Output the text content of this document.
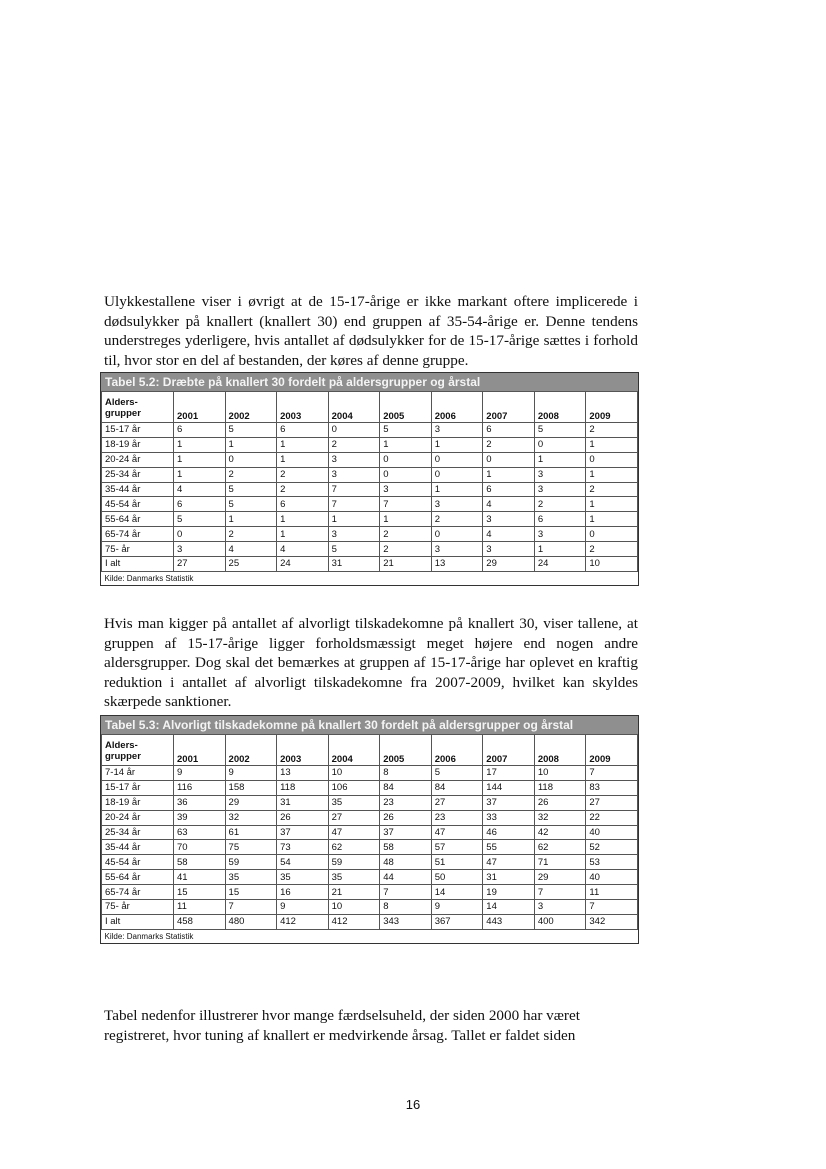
Ulykkestallene viser i øvrigt at de 15-17-årige er ikke markant oftere implicerede i dødsulykker på knallert (knallert 30) end gruppen af 35-54-årige er. Denne tendens understreges yderligere, hvis antallet af dødsulykker for de 15-17-årige sættes i forhold til, hvor stor en del af bestanden, der køres af denne gruppe.

Tabel 5.2: Dræbte på knallert 30 fordelt på aldersgrupper og årstal
Alders-
grupper	2001	2002	2003	2004	2005	2006	2007	2008	2009
15-17 år	6	5	6	0	5	3	6	5	2
18-19 år	1	1	1	2	1	1	2	0	1
20-24 år	1	0	1	3	0	0	0	1	0
25-34 år	1	2	2	3	0	0	1	3	1
35-44 år	4	5	2	7	3	1	6	3	2
45-54 år	6	5	6	7	7	3	4	2	1
55-64 år	5	1	1	1	1	2	3	6	1
65-74 år	0	2	1	3	2	0	4	3	0
75- år	3	4	4	5	2	3	3	1	2
I alt	27	25	24	31	21	13	29	24	10
Kilde: Danmarks Statistik									

Hvis man kigger på antallet af alvorligt tilskadekomne på knallert 30, viser tallene, at gruppen af 15-17-årige ligger forholdsmæssigt meget højere end nogen andre aldersgrupper. Dog skal det bemærkes at gruppen af 15-17-årige har oplevet en kraftig reduktion i antallet af alvorligt tilskadekomne fra 2007-2009, hvilket kan skyldes skærpede sanktioner.

Tabel 5.3: Alvorligt tilskadekomne på knallert 30 fordelt på aldersgrupper og årstal
Alders-
grupper	2001	2002	2003	2004	2005	2006	2007	2008	2009
7-14 år	9	9	13	10	8	5	17	10	7
15-17 år	116	158	118	106	84	84	144	118	83
18-19 år	36	29	31	35	23	27	37	26	27
20-24 år	39	32	26	27	26	23	33	32	22
25-34 år	63	61	37	47	37	47	46	42	40
35-44 år	70	75	73	62	58	57	55	62	52
45-54 år	58	59	54	59	48	51	47	71	53
55-64 år	41	35	35	35	44	50	31	29	40
65-74 år	15	15	16	21	7	14	19	7	11
75- år	11	7	9	10	8	9	14	3	7
I alt	458	480	412	412	343	367	443	400	342
Kilde: Danmarks Statistik									

Tabel nedenfor illustrerer hvor mange færdselsuheld, der siden 2000 har været registreret, hvor tuning af knallert er medvirkende årsag. Tallet er faldet siden

16
